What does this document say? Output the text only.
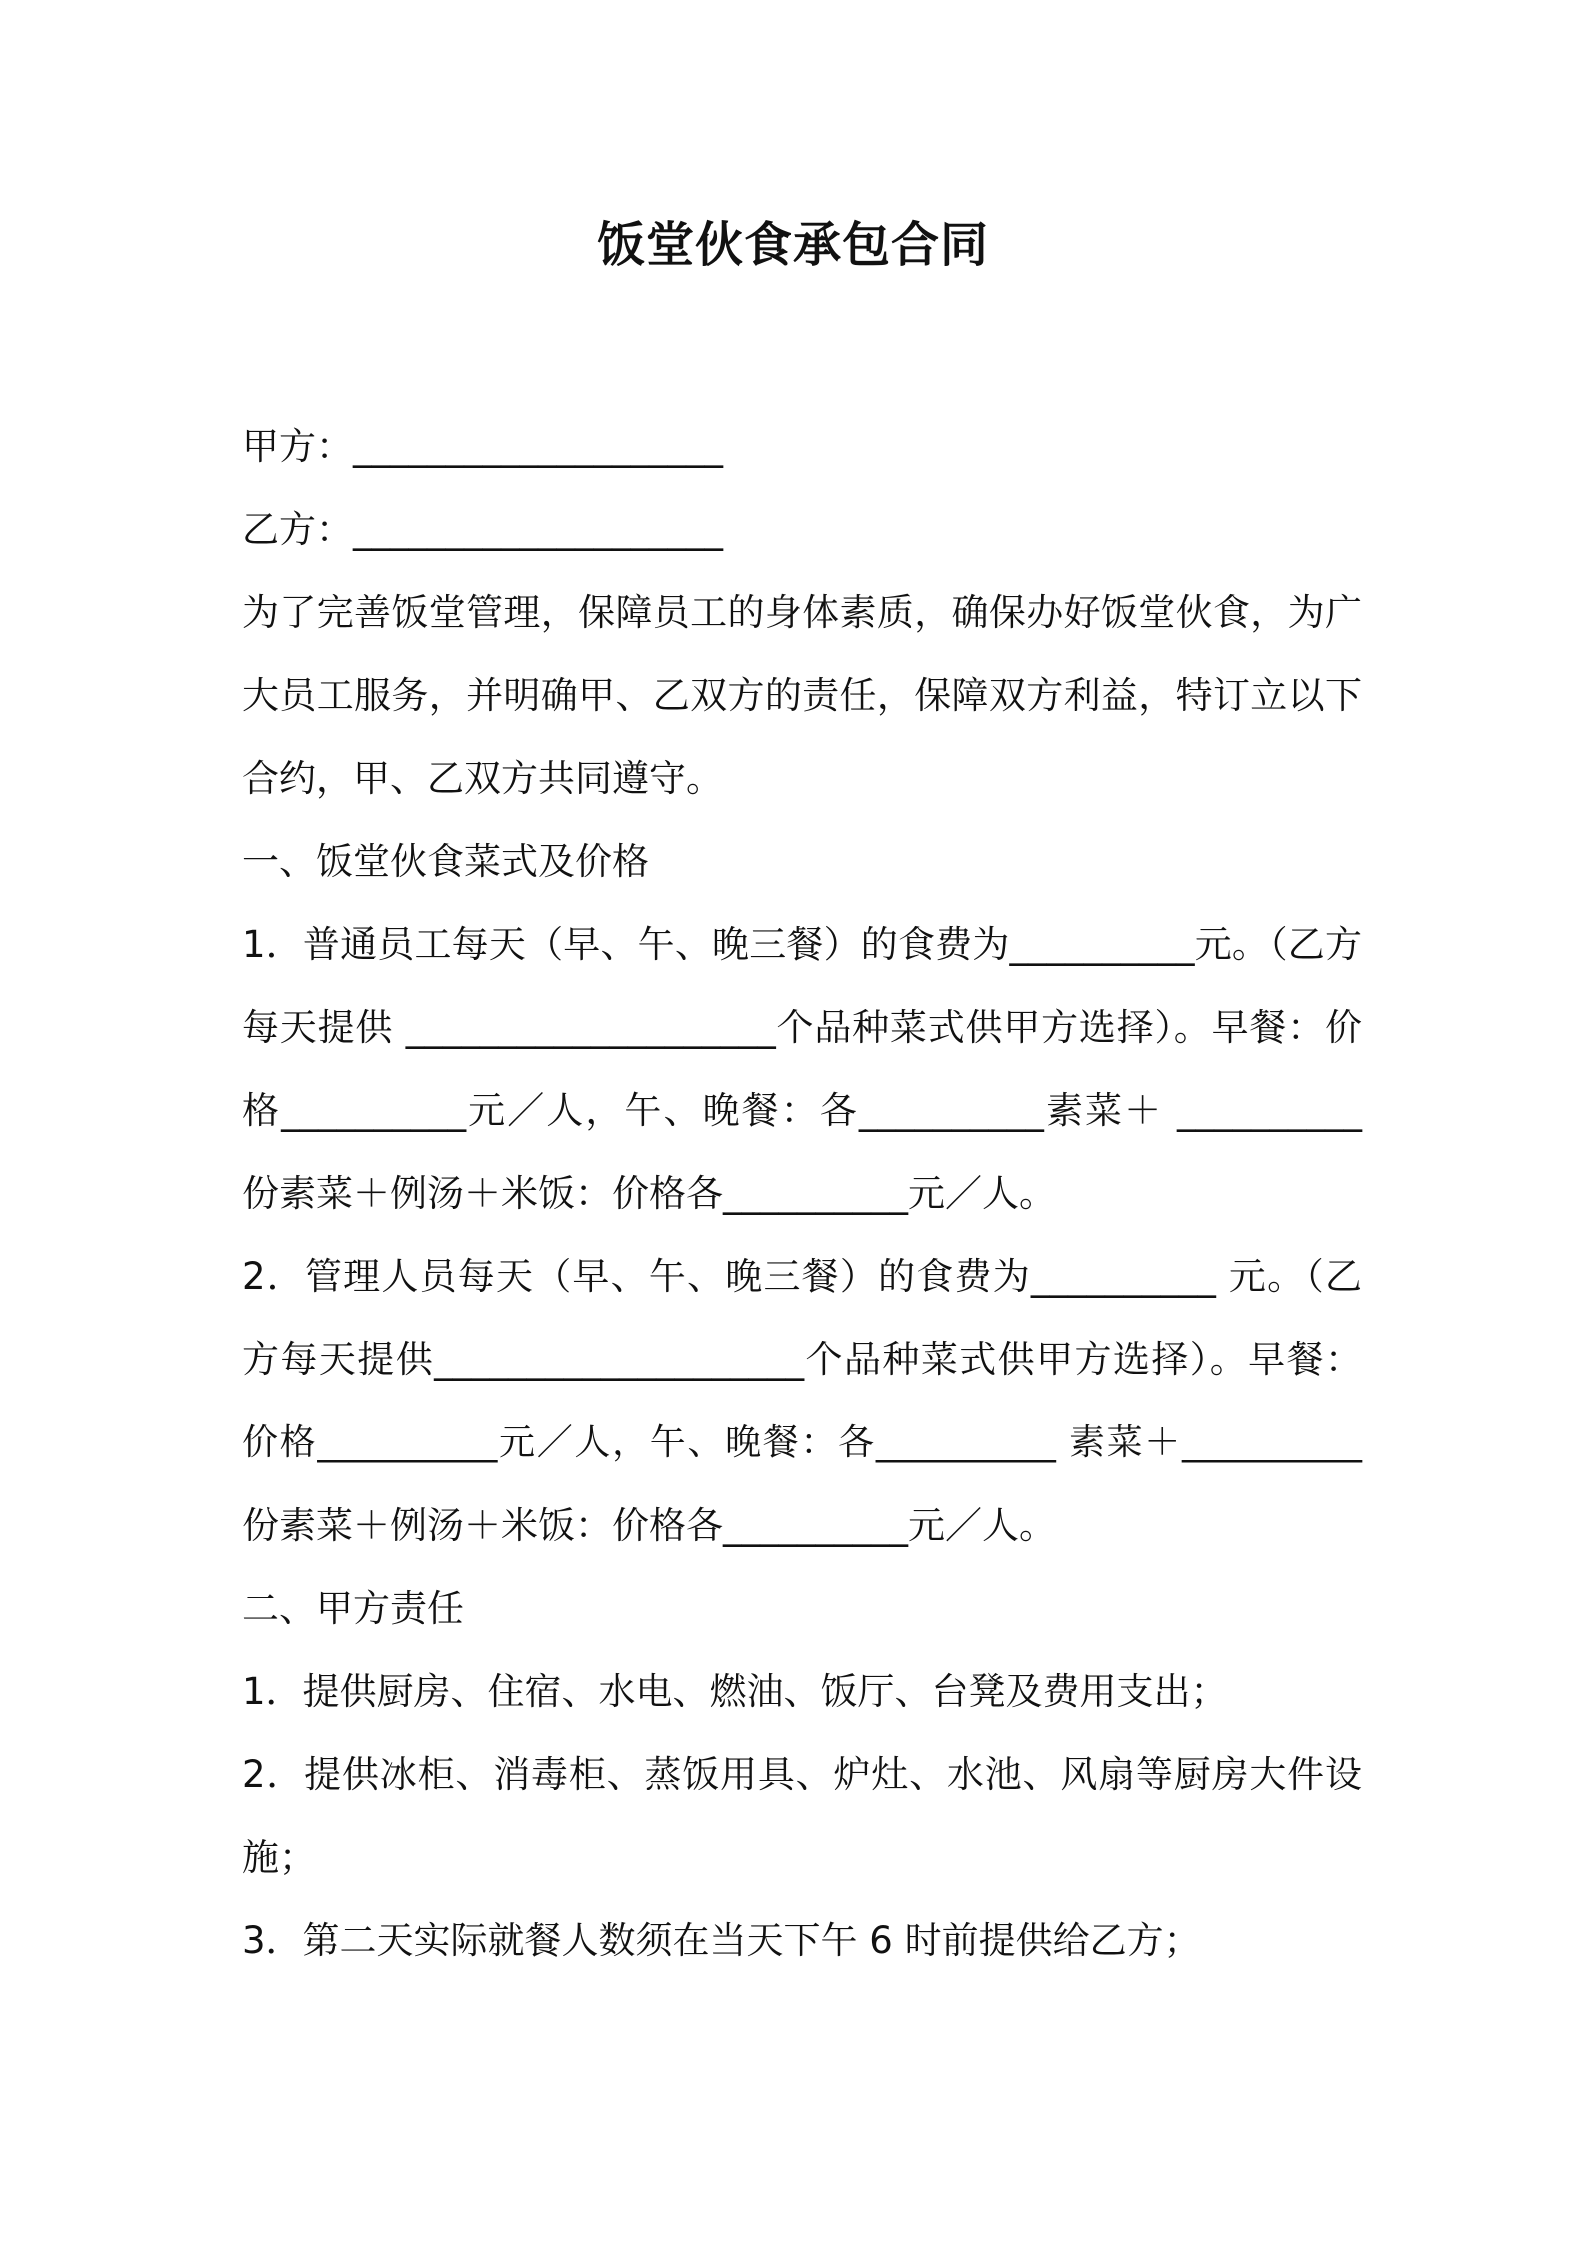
饭堂伙食承包合同

甲方：____________________

乙方：____________________

为了完善饭堂管理，保障员工的身体素质，确保办好饭堂伙食，为广

大员工服务，并明确甲、乙双方的责任，保障双方利益，特订立以下

合约，甲、乙双方共同遵守。

一、饭堂伙食菜式及价格

1．普通员工每天（早、午、晚三餐）的食费为__________元。（乙方

每天提供 ____________________个品种菜式供甲方选择）。早餐：价

格__________元／人，午、晚餐：各__________素菜＋ __________

份素菜＋例汤＋米饭：价格各__________元／人。

2．管理人员每天（早、午、晚三餐）的食费为__________ 元。（乙

方每天提供____________________个品种菜式供甲方选择）。早餐：

价格__________元／人，午、晚餐：各__________ 素菜＋__________

份素菜＋例汤＋米饭：价格各__________元／人。

二、甲方责任

1．提供厨房、住宿、水电、燃油、饭厅、台凳及费用支出；

2．提供冰柜、消毒柜、蒸饭用具、炉灶、水池、风扇等厨房大件设

施；

3．第二天实际就餐人数须在当天下午 6 时前提供给乙方；
